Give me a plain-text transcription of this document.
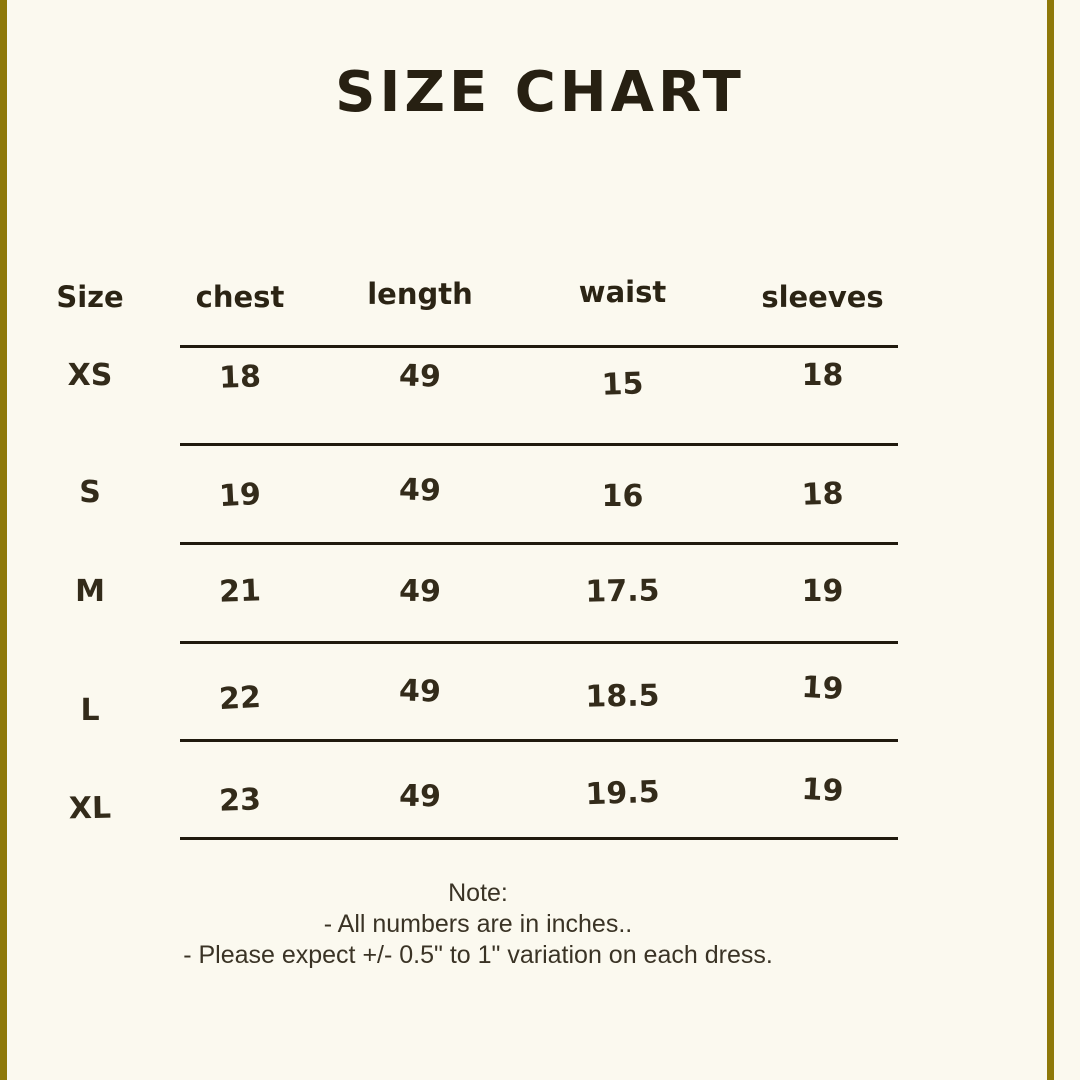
SIZE CHART
Size	chest	length	waist	sleeves
XS	18	49	15	18
S	19	49	16	18
M	21	49	17.5	19
L	22	49	18.5	19
XL	23	49	19.5	19
Note:
- All numbers are in inches..
- Please expect +/- 0.5" to 1" variation on each dress.
